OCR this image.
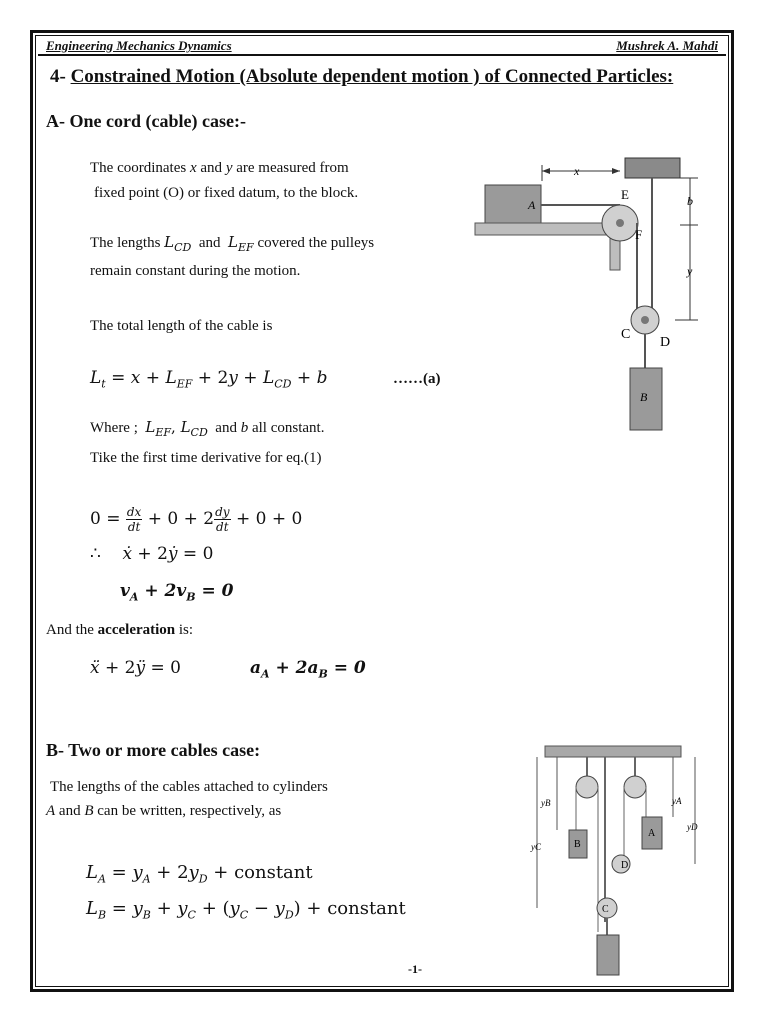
Engineering Mechanics Dynamics	Mushrek A. Mahdi
4- Constrained Motion (Absolute dependent motion ) of Connected Particles:
A- One cord (cable) case:-
The coordinates x and y are measured from
fixed point (O) or fixed datum, to the block.
The lengths $L_{CD}$  and  $L_{EF}$ covered the pulleys
remain constant during the motion.
The total length of the cable is
$L_t = x + L_{EF} + 2y + L_{CD} + b$	……(a)
Where ;  $L_{EF}$, $L_{CD}$  and b all constant.
Tike the first time derivative for eq.(1)
$0 = \frac{dx}{dt} + 0 + 2 \frac{dy}{dt} + 0 + 0$
∴    ẋ + 2ẏ = 0
$v_A + 2v_B = 0$
And the acceleration is:
ẍ + 2ÿ = 0	$a_A + 2a_B = 0$
B- Two or more cables case:
The lengths of the cables attached to cylinders
A and B can be written, respectively, as
$L_A = y_A + 2y_D$ + constant
$L_B = y_B + y_C + (y_C - y_D)$ + constant
A
B
x
b
y
E
F
C
D
B
A
D
C
yB
yC
yA
yD
-1-
